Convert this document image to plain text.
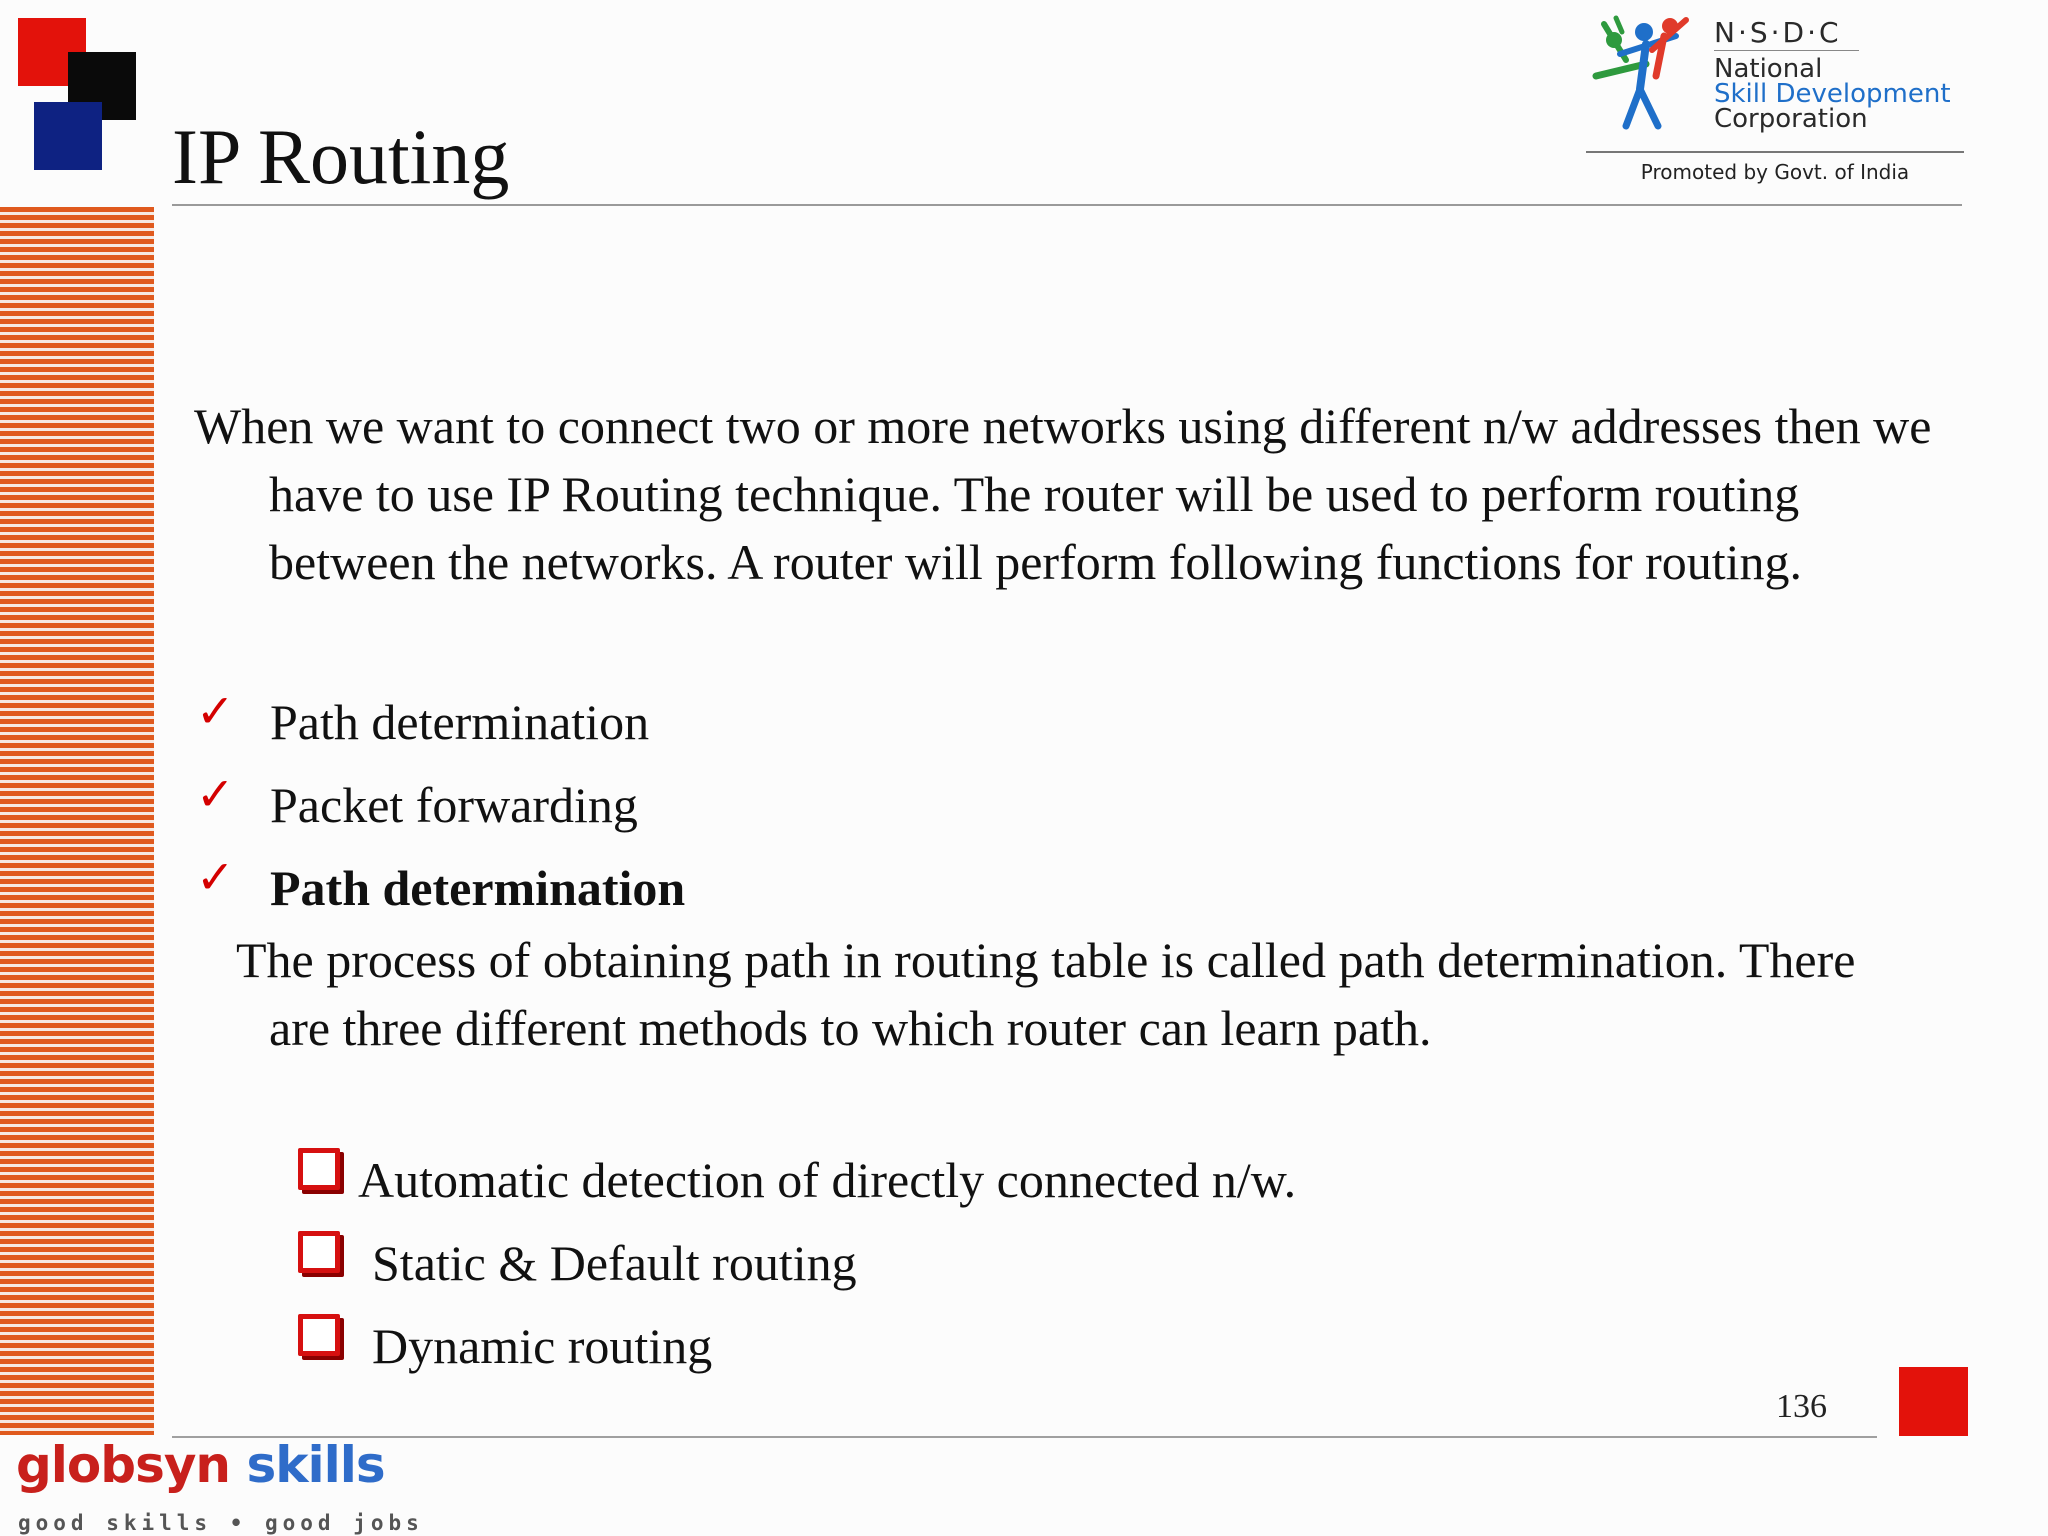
IP Routing
N·S·D·C
National
Skill Development
Corporation
Promoted by Govt. of India
When we want to connect two or more networks using different n/w addresses then we have to use IP Routing technique. The router will be used to perform routing between the networks. A router will perform following functions for routing.
✓ Path determination
✓ Packet forwarding
✓ Path determination
The process of obtaining path in routing table is called path determination. There are three different methods to which router can learn path.
Automatic detection of directly connected n/w.
Static & Default routing
Dynamic routing
136
globsyn skills
good skills • good jobs
